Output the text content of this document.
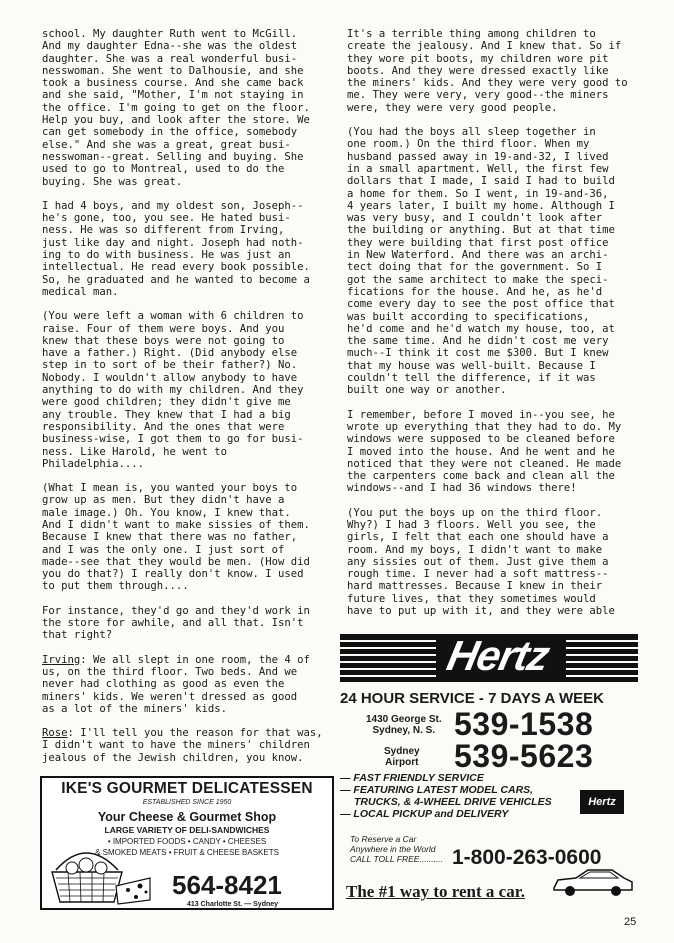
school. My daughter Ruth went to McGill.
And my daughter Edna--she was the oldest
daughter. She was a real wonderful busi-
nesswoman. She went to Dalhousie, and she
took a business course. And she came back
and she said, "Mother, I'm not staying in
the office. I'm going to get on the floor.
Help you buy, and look after the store. We
can get somebody in the office, somebody
else." And she was a great, great busi-
nesswoman--great. Selling and buying. She
used to go to Montreal, used to do the
buying. She was great.

I had 4 boys, and my oldest son, Joseph--
he's gone, too, you see. He hated busi-
ness. He was so different from Irving,
just like day and night. Joseph had noth-
ing to do with business. He was just an
intellectual. He read every book possible.
So, he graduated and he wanted to become a
medical man.

(You were left a woman with 6 children to
raise. Four of them were boys. And you
knew that these boys were not going to
have a father.) Right. (Did anybody else
step in to sort of be their father?) No.
Nobody. I wouldn't allow anybody to have
anything to do with my children. And they
were good children; they didn't give me
any trouble. They knew that I had a big
responsibility. And the ones that were
business-wise, I got them to go for busi-
ness. Like Harold, he went to
Philadelphia....

(What I mean is, you wanted your boys to
grow up as men. But they didn't have a
male image.) Oh. You know, I knew that.
And I didn't want to make sissies of them.
Because I knew that there was no father,
and I was the only one. I just sort of
made--see that they would be men. (How did
you do that?) I really don't know. I used
to put them through....

For instance, they'd go and they'd work in
the store for awhile, and all that. Isn't
that right?

Irving: We all slept in one room, the 4 of
us, on the third floor. Two beds. And we
never had clothing as good as even the
miners' kids. We weren't dressed as good
as a lot of the miners' kids.

Rose: I'll tell you the reason for that was,
I didn't want to have the miners' children
jealous of the Jewish children, you know.

It's a terrible thing among children to
create the jealousy. And I knew that. So if
they wore pit boots, my children wore pit
boots. And they were dressed exactly like
the miners' kids. And they were very good to
me. They were very, very good--the miners
were, they were very good people.

(You had the boys all sleep together in
one room.) On the third floor. When my
husband passed away in 19-and-32, I lived
in a small apartment. Well, the first few
dollars that I made, I said I had to build
a home for them. So I went, in 19-and-36,
4 years later, I built my home. Although I
was very busy, and I couldn't look after
the building or anything. But at that time
they were building that first post office
in New Waterford. And there was an archi-
tect doing that for the government. So I
got the same architect to make the speci-
fications for the house. And he, as he'd
come every day to see the post office that
was built according to specifications,
he'd come and he'd watch my house, too, at
the same time. And he didn't cost me very
much--I think it cost me $300. But I knew
that my house was well-built. Because I
couldn't tell the difference, if it was
built one way or another.

I remember, before I moved in--you see, he
wrote up everything that they had to do. My
windows were supposed to be cleaned before
I moved into the house. And he went and he
noticed that they were not cleaned. He made
the carpenters come back and clean all the
windows--and I had 36 windows there!

(You put the boys up on the third floor.
Why?) I had 3 floors. Well you see, the
girls, I felt that each one should have a
room. And my boys, I didn't want to make
any sissies out of them. Just give them a
rough time. I never had a soft mattress--
hard mattresses. Because I knew in their
future lives, that they sometimes would
have to put up with it, and they were able

IKE'S GOURMET DELICATESSEN
ESTABLISHED SINCE 1950
Your Cheese & Gourmet Shop
LARGE VARIETY OF DELI-SANDWICHES
• IMPORTED FOODS • CANDY • CHEESES
& SMOKED MEATS • FRUIT & CHEESE BASKETS
564-8421
413 Charlotte St. — Sydney
Hertz
24 HOUR SERVICE - 7 DAYS A WEEK
1430 George St.
Sydney, N. S. 539-1538
Sydney
Airport 539-5623
— FAST FRIENDLY SERVICE
— FEATURING LATEST MODEL CARS,
TRUCKS, & 4-WHEEL DRIVE VEHICLES
— LOCAL PICKUP and DELIVERY
Hertz
To Reserve a Car
Anywhere in the World
CALL TOLL FREE.......... 1-800-263-0600
The #1 way to rent a car.
25
